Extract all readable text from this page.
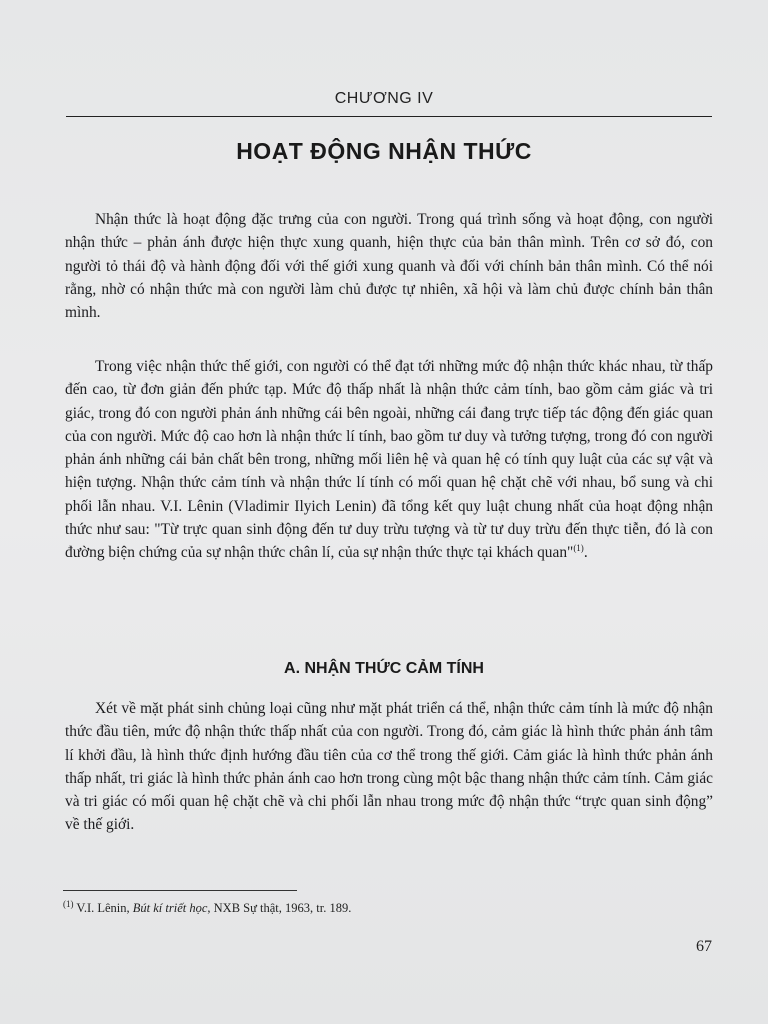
CHƯƠNG IV
HOẠT ĐỘNG NHẬN THỨC

Nhận thức là hoạt động đặc trưng của con người. Trong quá trình sống và hoạt động, con người nhận thức – phản ánh được hiện thực xung quanh, hiện thực của bản thân mình. Trên cơ sở đó, con người tỏ thái độ và hành động đối với thế giới xung quanh và đối với chính bản thân mình. Có thể nói rằng, nhờ có nhận thức mà con người làm chủ được tự nhiên, xã hội và làm chủ được chính bản thân mình.

Trong việc nhận thức thế giới, con người có thể đạt tới những mức độ nhận thức khác nhau, từ thấp đến cao, từ đơn giản đến phức tạp. Mức độ thấp nhất là nhận thức cảm tính, bao gồm cảm giác và tri giác, trong đó con người phản ánh những cái bên ngoài, những cái đang trực tiếp tác động đến giác quan của con người. Mức độ cao hơn là nhận thức lí tính, bao gồm tư duy và tưởng tượng, trong đó con người phản ánh những cái bản chất bên trong, những mối liên hệ và quan hệ có tính quy luật của các sự vật và hiện tượng. Nhận thức cảm tính và nhận thức lí tính có mối quan hệ chặt chẽ với nhau, bổ sung và chi phối lẫn nhau. V.I. Lênin (Vladimir Ilyich Lenin) đã tổng kết quy luật chung nhất của hoạt động nhận thức như sau: "Từ trực quan sinh động đến tư duy trừu tượng và từ tư duy trừu đến thực tiễn, đó là con đường biện chứng của sự nhận thức chân lí, của sự nhận thức thực tại khách quan"$^{(1)}$.

A. NHẬN THỨC CẢM TÍNH

Xét về mặt phát sinh chủng loại cũng như mặt phát triển cá thể, nhận thức cảm tính là mức độ nhận thức đầu tiên, mức độ nhận thức thấp nhất của con người. Trong đó, cảm giác là hình thức phản ánh tâm lí khởi đầu, là hình thức định hướng đầu tiên của cơ thể trong thế giới. Cảm giác là hình thức phản ánh thấp nhất, tri giác là hình thức phản ánh cao hơn trong cùng một bậc thang nhận thức cảm tính. Cảm giác và tri giác có mối quan hệ chặt chẽ và chi phối lẫn nhau trong mức độ nhận thức “trực quan sinh động” về thế giới.

$^{(1)}$ V.I. Lênin, Bút kí triết học, NXB Sự thật, 1963, tr. 189.
67
